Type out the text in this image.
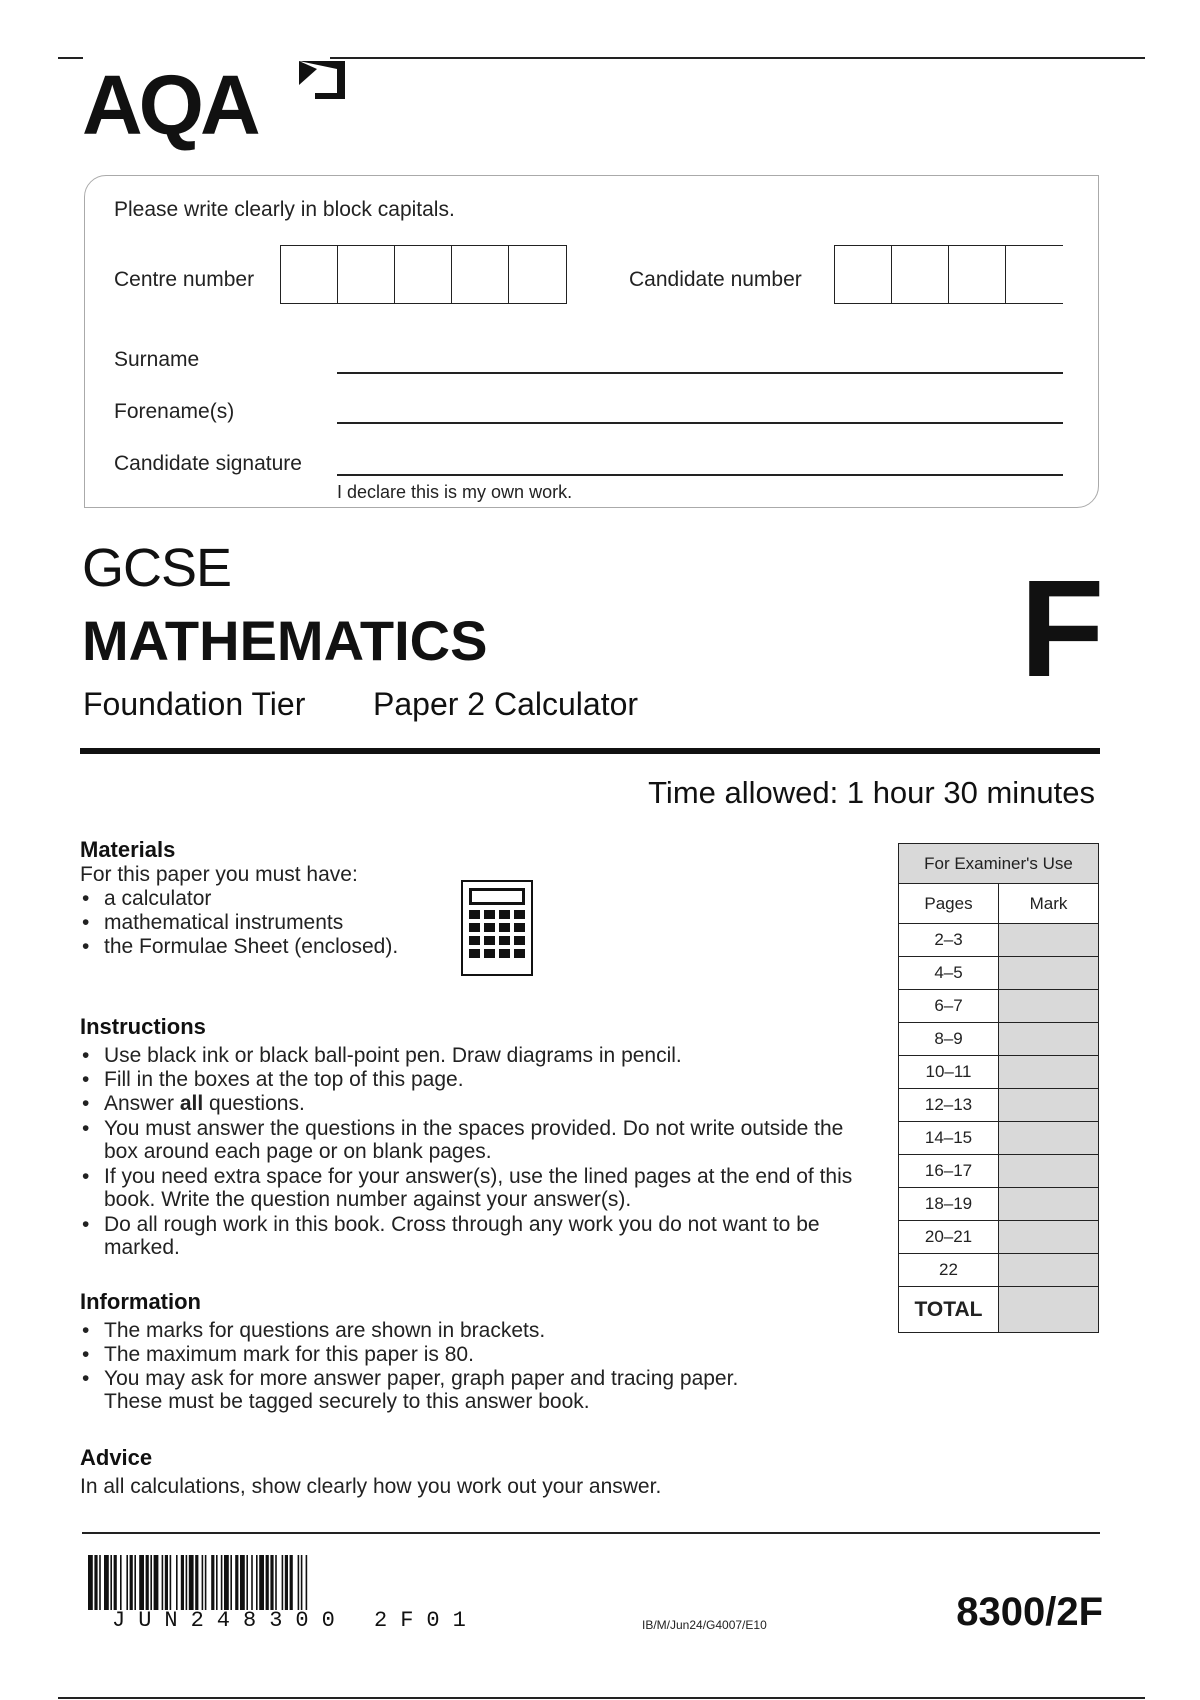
AQA
Please write clearly in block capitals.
Centre number	Candidate number
Surname
Forename(s)
Candidate signature
I declare this is my own work.
GCSE
MATHEMATICS
Foundation Tier Paper 2 Calculator	F
Time allowed: 1 hour 30 minutes
Materials
For this paper you must have:
• a calculator
• mathematical instruments
• the Formulae Sheet (enclosed).
Instructions
• Use black ink or black ball-point pen. Draw diagrams in pencil.
• Fill in the boxes at the top of this page.
• Answer all questions.
• You must answer the questions in the spaces provided. Do not write outside the box around each page or on blank pages.
• If you need extra space for your answer(s), use the lined pages at the end of this book. Write the question number against your answer(s).
• Do all rough work in this book. Cross through any work you do not want to be marked.
Information
• The marks for questions are shown in brackets.
• The maximum mark for this paper is 80.
• You may ask for more answer paper, graph paper and tracing paper. These must be tagged securely to this answer book.
Advice
In all calculations, show clearly how you work out your answer.
For Examiner's Use	
Pages	Mark
2–3	
4–5	
6–7	
8–9	
10–11	
12–13	
14–15	
16–17	
18–19	
20–21	
22	
TOTAL	
JUN248300 2F01	IB/M/Jun24/G4007/E10	8300/2F
